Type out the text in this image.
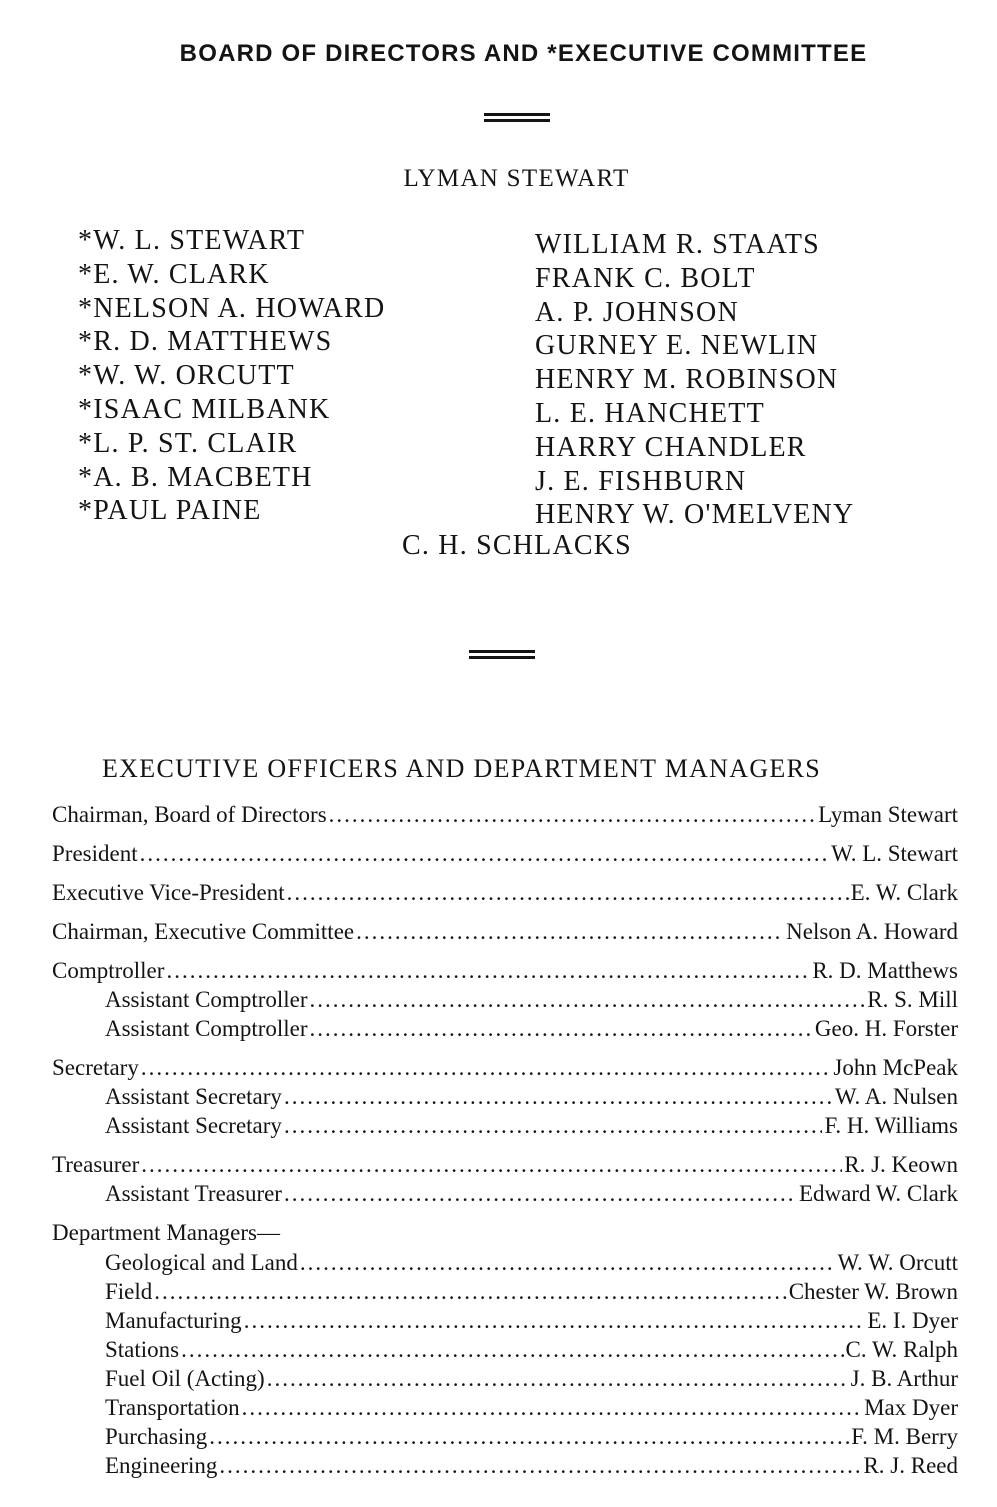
BOARD OF DIRECTORS AND *EXECUTIVE COMMITTEE
LYMAN STEWART
*W. L. STEWART
*E. W. CLARK
*NELSON A. HOWARD
*R. D. MATTHEWS
*W. W. ORCUTT
*ISAAC MILBANK
*L. P. ST. CLAIR
*A. B. MACBETH
*PAUL PAINE
WILLIAM R. STAATS
FRANK C. BOLT
A. P. JOHNSON
GURNEY E. NEWLIN
HENRY M. ROBINSON
L. E. HANCHETT
HARRY CHANDLER
J. E. FISHBURN
HENRY W. O'MELVENY
C. H. SCHLACKS
EXECUTIVE OFFICERS AND DEPARTMENT MANAGERS
Chairman, Board of Directors .....	Lyman Stewart
President .....	W. L. Stewart
Executive Vice-President .....	E. W. Clark
Chairman, Executive Committee .....	Nelson A. Howard
Comptroller .....	R. D. Matthews
Assistant Comptroller .....	R. S. Mill
Assistant Comptroller .....	Geo. H. Forster
Secretary .....	John McPeak
Assistant Secretary .....	W. A. Nulsen
Assistant Secretary .....	F. H. Williams
Treasurer .....	R. J. Keown
Assistant Treasurer .....	Edward W. Clark
Department Managers—
Geological and Land .....	W. W. Orcutt
Field .....	Chester W. Brown
Manufacturing .....	E. I. Dyer
Stations .....	C. W. Ralph
Fuel Oil (Acting) .....	J. B. Arthur
Transportation .....	Max Dyer
Purchasing .....	F. M. Berry
Engineering .....	R. J. Reed
